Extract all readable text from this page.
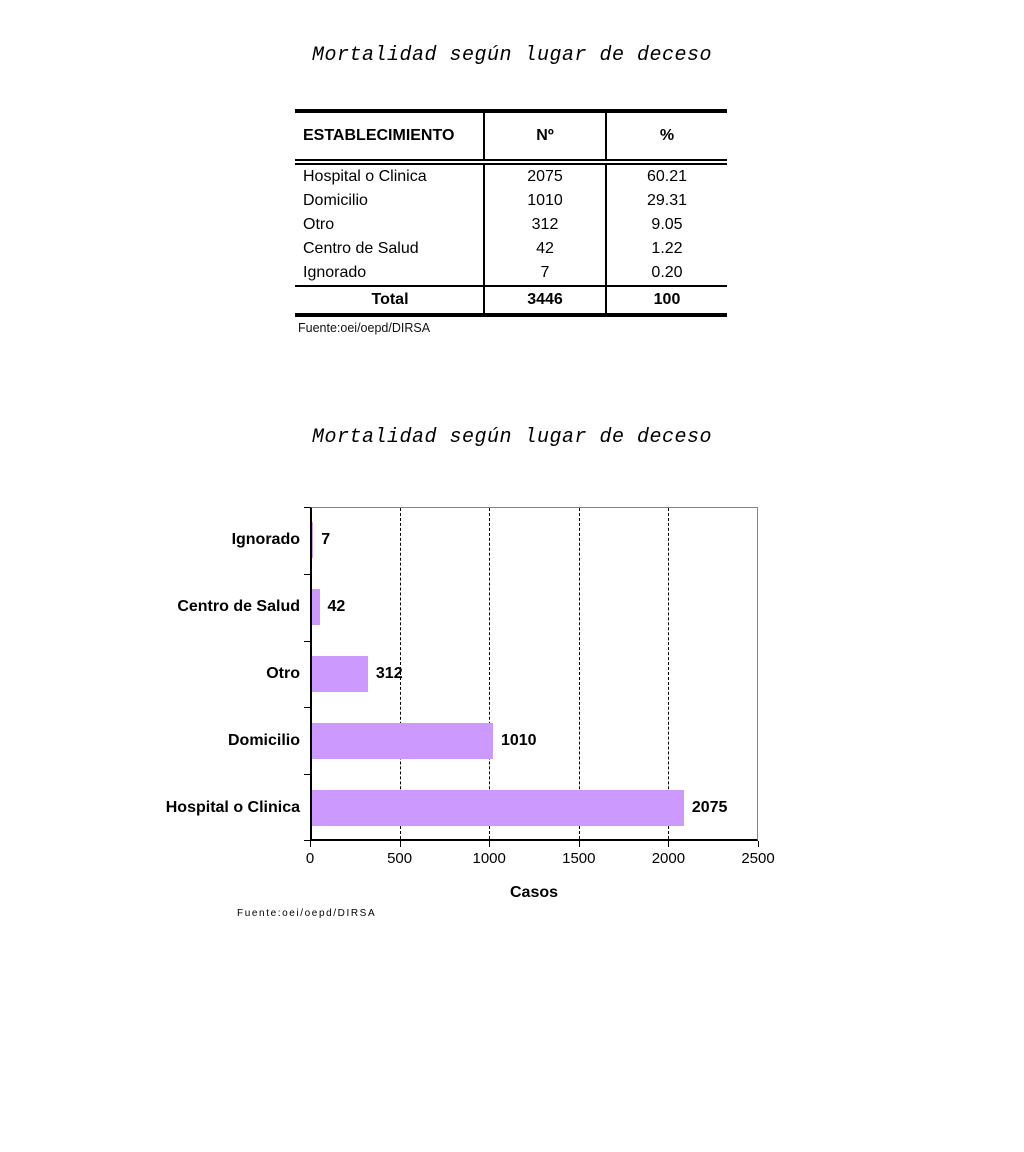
Mortalidad según lugar de deceso
ESTABLECIMIENTO	Nº	%
Hospital o Clinica	2075	60.21
Domicilio	1010	29.31
Otro	312	9.05
Centro de Salud	42	1.22
Ignorado	7	0.20
Total	3446	100
Fuente:oei/oepd/DIRSA
Mortalidad según lugar de deceso
0	500	1000	1500	2000	2500
7
Ignorado
42
Centro de Salud
312
Otro
1010
Domicilio
2075
Hospital o Clinica
Casos
Fuente:oei/oepd/DIRSA
